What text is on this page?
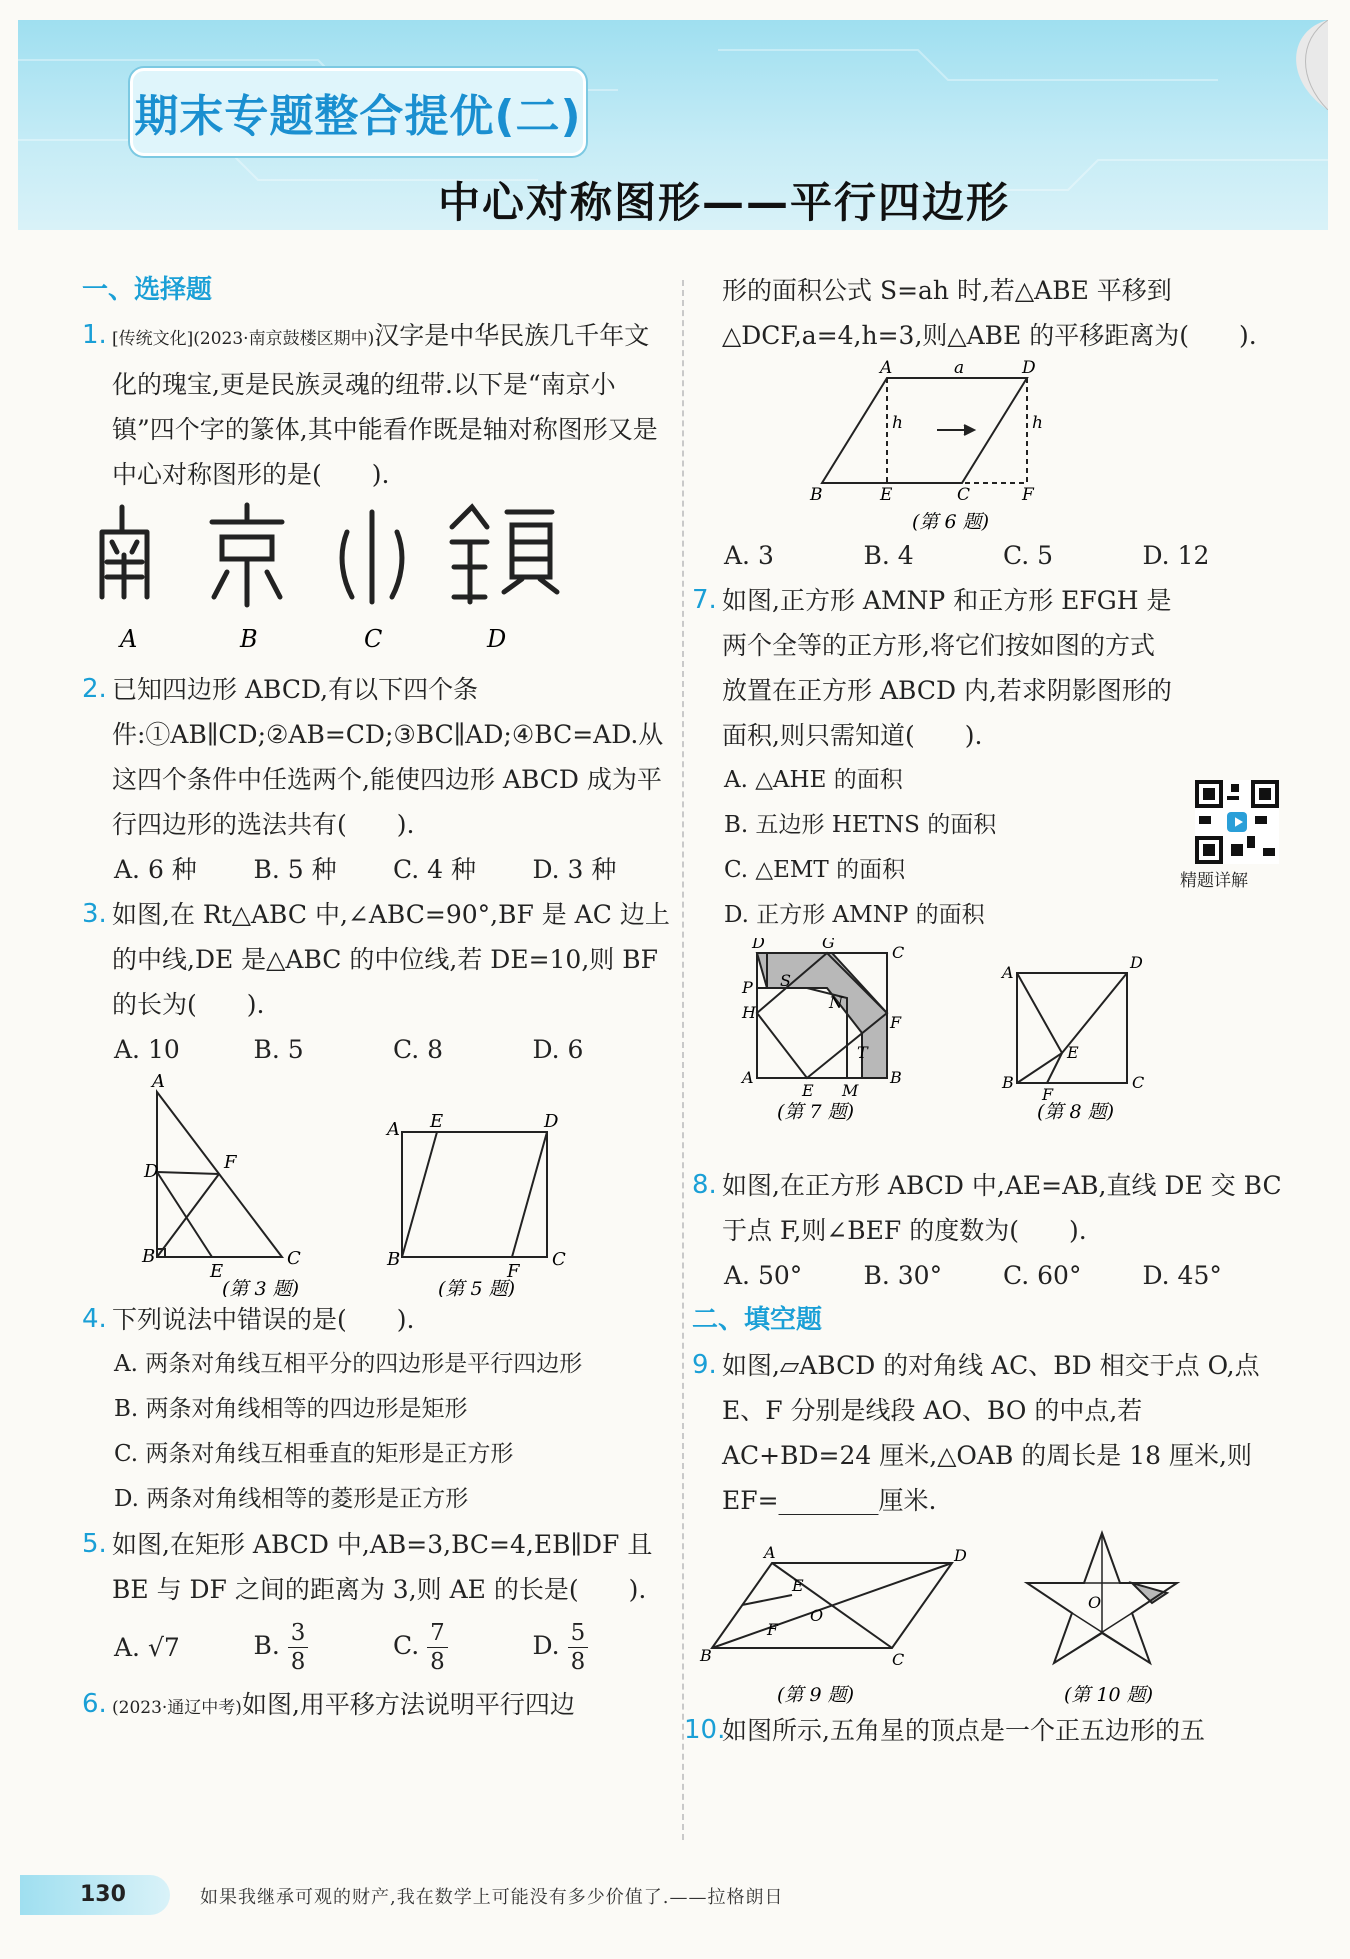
期末专题整合提优(二)
中心对称图形——平行四边形

一、选择题

1. [传统文化](2023·南京鼓楼区期中)汉字是中华民族几千年文化的瑰宝,更是民族灵魂的纽带.以下是“南京小镇”四个字的篆体,其中能看作既是轴对称图形又是中心对称图形的是(　　).
A	B	C	D
2. 已知四边形 ABCD,有以下四个条件:①AB∥CD;②AB=CD;③BC∥AD;④BC=AD.从这四个条件中任选两个,能使四边形 ABCD 成为平行四边形的选法共有(　　).
A. 6 种	B. 5 种	C. 4 种	D. 3 种
3. 如图,在 Rt△ABC 中,∠ABC=90°,BF 是 AC 边上的中线,DE 是△ABC 的中位线,若 DE=10,则 BF 的长为(　　).
A. 10	B. 5	C. 8	D. 6
A
D	F
B
E
C
(第 3 题)
A E	D
B
F
C
(第 5 题)
4. 下列说法中错误的是(　　).

A. 两条对角线互相平分的四边形是平行四边形

B. 两条对角线相等的四边形是矩形

C. 两条对角线互相垂直的矩形是正方形

D. 两条对角线相等的菱形是正方形

5. 如图,在矩形 ABCD 中,AB=3,BC=4,EB∥DF 且 BE 与 DF 之间的距离为 3,则 AE 的长是(　　).
A. √7	B. $\frac{3}{8}$	C. $\frac{7}{8}$	D. $\frac{5}{8}$
6. (2023·通辽中考)如图,用平移方法说明平行四边

形的面积公式 S=ah 时,若△ABE 平移到△DCF,a=4,h=3,则△ABE 的平移距离为(　　).

A	a	D
h	h
B	E	C	F
(第 6 题)
A. 3	B. 4	C. 5	D. 12
7. 如图,正方形 AMNP 和正方形 EFGH 是两个全等的正方形,将它们按如图的方式放置在正方形 ABCD 内,若求阴影图形的面积,则只需知道(　　).

A. △AHE 的面积

B. 五边形 HETNS 的面积

C. △EMT 的面积

D. 正方形 AMNP 的面积

D	G
C
P S
H
N
F
T
A
E M
B
(第 7 题)
A
D
E
B
F
C
(第 8 题)
8. 如图,在正方形 ABCD 中,AE=AB,直线 DE 交 BC 于点 F,则∠BEF 的度数为(　　).
A. 50°	B. 30°	C. 60°	D. 45°

二、填空题

9. 如图,▱ABCD 的对角线 AC、BD 相交于点 O,点 E、F 分别是线段 AO、BO 的中点,若 AC+BD=24 厘米,△OAB 的周长是 18 厘米,则 EF=________厘米.
A	D
E
O
F
B	C
(第 9 题)
O
(第 10 题)
10.
如图所示,五角星的顶点是一个正五边形的五
精题详解
130	如果我继承可观的财产,我在数学上可能没有多少价值了.——拉格朗日
